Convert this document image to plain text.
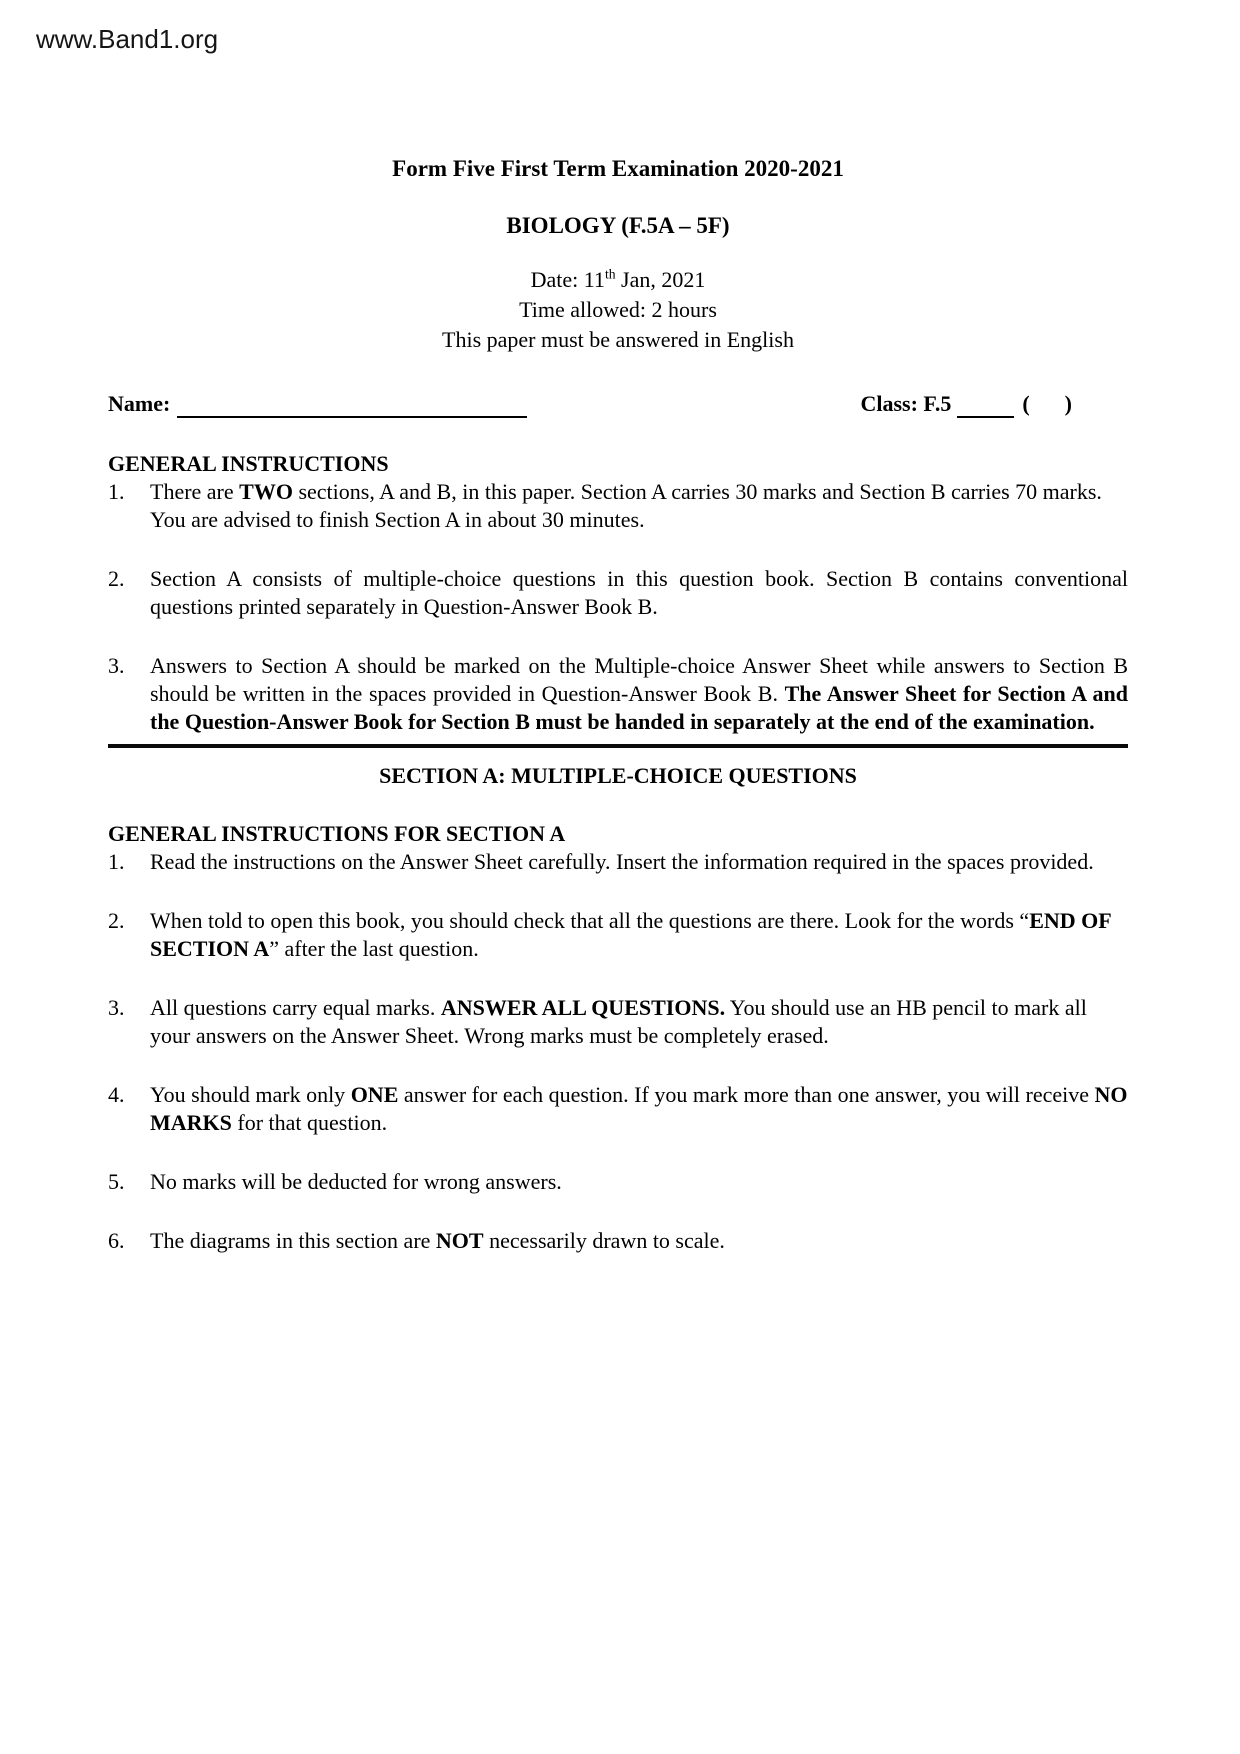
www.Band1.org
Form Five First Term Examination 2020-2021
BIOLOGY (F.5A – 5F)
Date: 11th Jan, 2021
Time allowed: 2 hours
This paper must be answered in English
Name:	Class: F.5	( )
GENERAL INSTRUCTIONS
1.	There are TWO sections, A and B, in this paper. Section A carries 30 marks and Section B carries 70 marks. You are advised to finish Section A in about 30 minutes.
2.	Section A consists of multiple-choice questions in this question book. Section B contains conventional questions printed separately in Question-Answer Book B.
3.	Answers to Section A should be marked on the Multiple-choice Answer Sheet while answers to Section B should be written in the spaces provided in Question-Answer Book B. The Answer Sheet for Section A and the Question-Answer Book for Section B must be handed in separately at the end of the examination.
SECTION A: MULTIPLE-CHOICE QUESTIONS
GENERAL INSTRUCTIONS FOR SECTION A
1.	Read the instructions on the Answer Sheet carefully. Insert the information required in the spaces provided.
2.	When told to open this book, you should check that all the questions are there. Look for the words “END OF SECTION A” after the last question.
3.	All questions carry equal marks. ANSWER ALL QUESTIONS. You should use an HB pencil to mark all your answers on the Answer Sheet. Wrong marks must be completely erased.
4.	You should mark only ONE answer for each question. If you mark more than one answer, you will receive NO MARKS for that question.
5.	No marks will be deducted for wrong answers.
6.	The diagrams in this section are NOT necessarily drawn to scale.
